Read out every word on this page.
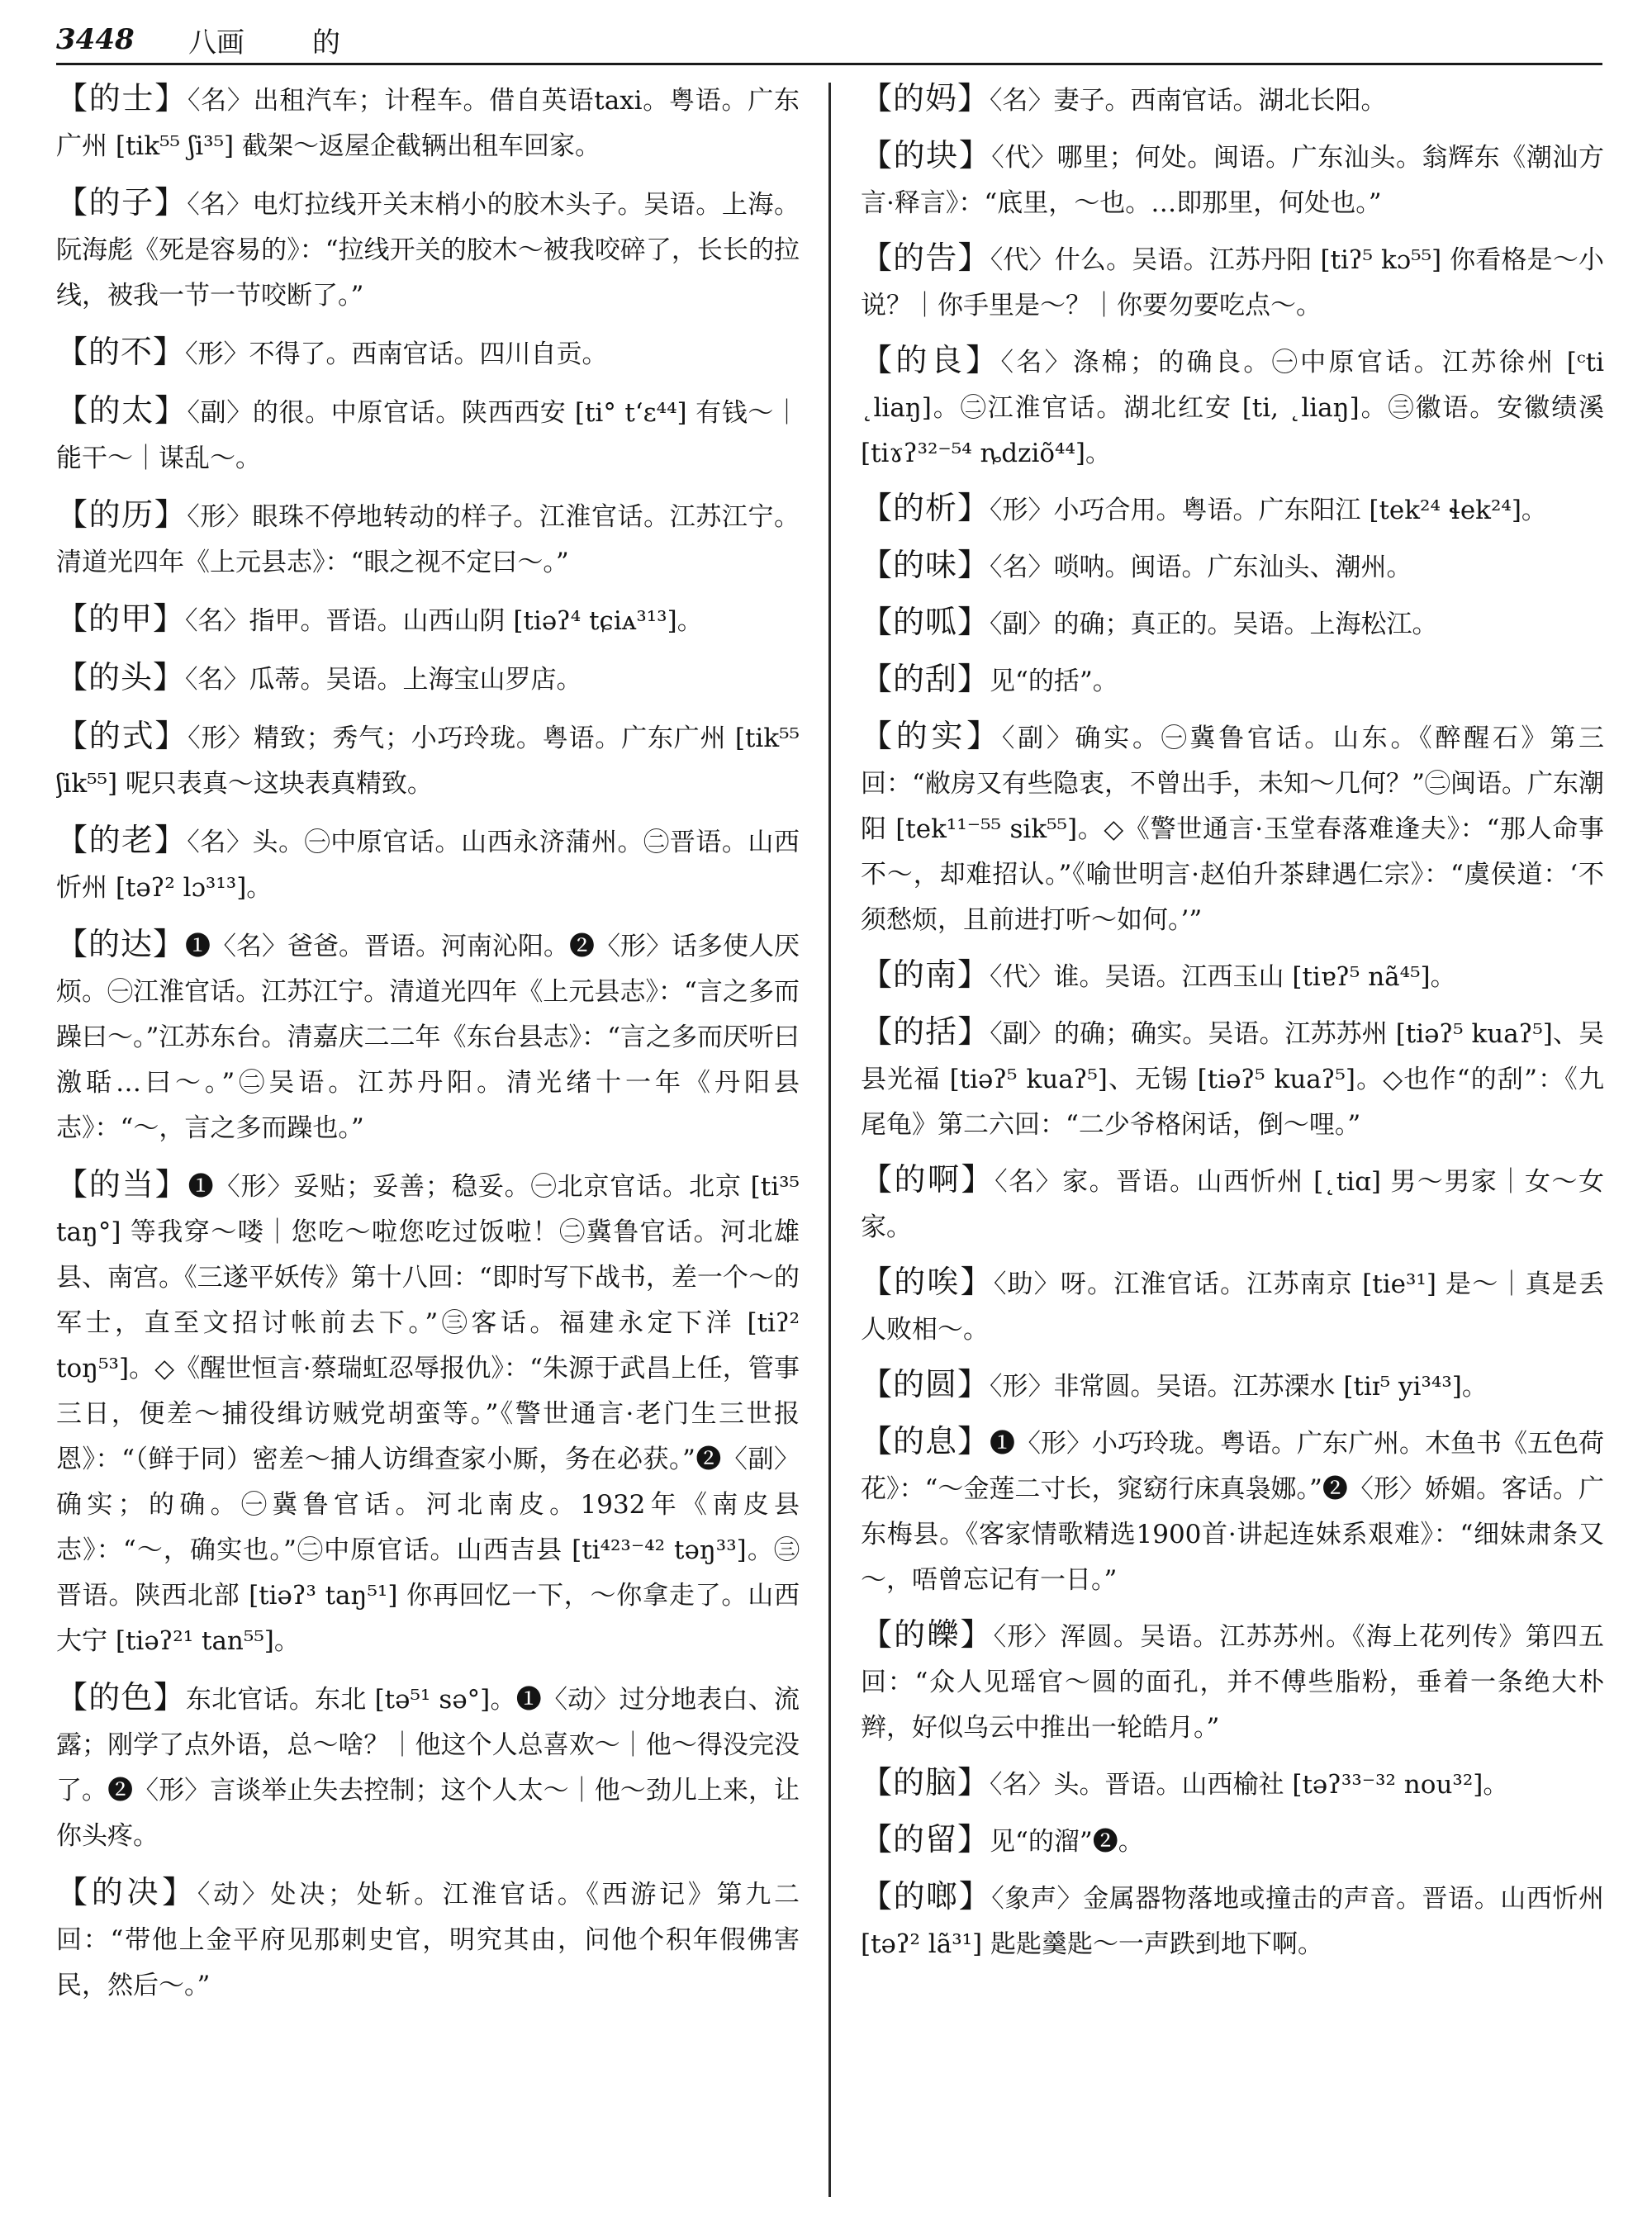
3448	八画	的
【的士】〈名〉出租汽车；计程车。借自英语taxi。粤语。广东广州 [tik⁵⁵ ʃi³⁵] 截架～返屋企截辆出租车回家。
【的子】〈名〉电灯拉线开关末梢小的胶木头子。吴语。上海。阮海彪《死是容易的》：“拉线开关的胶木～被我咬碎了，长长的拉线，被我一节一节咬断了。”
【的不】〈形〉不得了。西南官话。四川自贡。
【的太】〈副〉的很。中原官话。陕西西安 [ti° tʻɛ⁴⁴] 有钱～｜能干～｜谋乱～。
【的历】〈形〉眼珠不停地转动的样子。江淮官话。江苏江宁。清道光四年《上元县志》：“眼之视不定曰～。”
【的甲】〈名〉指甲。晋语。山西山阴 [tiəʔ⁴ tɕiᴀ³¹³]。
【的头】〈名〉瓜蒂。吴语。上海宝山罗店。
【的式】〈形〉精致；秀气；小巧玲珑。粤语。广东广州 [tik⁵⁵ ʃik⁵⁵] 呢只表真～这块表真精致。
【的老】〈名〉头。㊀中原官话。山西永济蒲州。㊁晋语。山西忻州 [təʔ² lɔ³¹³]。
【的达】❶〈名〉爸爸。晋语。河南沁阳。❷〈形〉话多使人厌烦。㊀江淮官话。江苏江宁。清道光四年《上元县志》：“言之多而躁曰～。”江苏东台。清嘉庆二二年《东台县志》：“言之多而厌听曰激聒…曰～。”㊁吴语。江苏丹阳。清光绪十一年《丹阳县志》：“～，言之多而躁也。”
【的当】❶〈形〉妥贴；妥善；稳妥。㊀北京官话。北京 [ti³⁵ taŋ°] 等我穿～喽｜您吃～啦您吃过饭啦！㊁冀鲁官话。河北雄县、南宫。《三遂平妖传》第十八回：“即时写下战书，差一个～的军士，直至文招讨帐前去下。”㊂客话。福建永定下洋 [tiʔ² toŋ⁵³]。◇《醒世恒言·蔡瑞虹忍辱报仇》：“朱源于武昌上任，管事三日，便差～捕役缉访贼党胡蛮等。”《警世通言·老门生三世报恩》：“（鲜于同）密差～捕人访缉查家小厮，务在必获。”❷〈副〉确实；的确。㊀冀鲁官话。河北南皮。1932年《南皮县志》：“～，确实也。”㊁中原官话。山西吉县 [ti⁴²³⁻⁴² təŋ³³]。㊂晋语。陕西北部 [tiəʔ³ taŋ⁵¹] 你再回忆一下，～你拿走了。山西大宁 [tiəʔ²¹ tan⁵⁵]。
【的色】东北官话。东北 [tə⁵¹ sə°]。❶〈动〉过分地表白、流露；刚学了点外语，总～啥？｜他这个人总喜欢～｜他～得没完没了。❷〈形〉言谈举止失去控制；这个人太～｜他～劲儿上来，让你头疼。
【的决】〈动〉处决；处斩。江淮官话。《西游记》第九二回：“带他上金平府见那刺史官，明究其由，问他个积年假佛害民，然后～。”
【的妈】〈名〉妻子。西南官话。湖北长阳。
【的块】〈代〉哪里；何处。闽语。广东汕头。翁辉东《潮汕方言·释言》：“底里，～也。…即那里，何处也。”
【的告】〈代〉什么。吴语。江苏丹阳 [tiʔ⁵ kɔ⁵⁵] 你看格是～小说？｜你手里是～？｜你要勿要吃点～。
【的良】〈名〉涤棉；的确良。㊀中原官话。江苏徐州 [ᶜti ˛liaŋ]。㊁江淮官话。湖北红安 [ti, ˛liaŋ]。㊂徽语。安徽绩溪 [tiɤʔ³²⁻⁵⁴ ȵdziõ⁴⁴]。
【的析】〈形〉小巧合用。粤语。广东阳江 [tek²⁴ ɬek²⁴]。
【的味】〈名〉唢呐。闽语。广东汕头、潮州。
【的呱】〈副〉的确；真正的。吴语。上海松江。
【的刮】见“的括”。
【的实】〈副〉确实。㊀冀鲁官话。山东。《醉醒石》第三回：“敝房又有些隐衷，不曾出手，未知～几何？”㊁闽语。广东潮阳 [tek¹¹⁻⁵⁵ sik⁵⁵]。◇《警世通言·玉堂春落难逢夫》：“那人命事不～，却难招认。”《喻世明言·赵伯升茶肆遇仁宗》：“虞侯道：‘不须愁烦，且前进打听～如何。’”
【的南】〈代〉谁。吴语。江西玉山 [tiɐʔ⁵ nã⁴⁵]。
【的括】〈副〉的确；确实。吴语。江苏苏州 [tiəʔ⁵ kuaʔ⁵]、吴县光福 [tiəʔ⁵ kuaʔ⁵]、无锡 [tiəʔ⁵ kuaʔ⁵]。◇也作“的刮”：《九尾龟》第二六回：“二少爷格闲话，倒～哩。”
【的啊】〈名〉家。晋语。山西忻州 [˛tiɑ] 男～男家｜女～女家。
【的唉】〈助〉呀。江淮官话。江苏南京 [tie³¹] 是～｜真是丢人败相～。
【的圆】〈形〉非常圆。吴语。江苏溧水 [tiɪ⁵ yi³⁴³]。
【的息】❶〈形〉小巧玲珑。粤语。广东广州。木鱼书《五色荷花》：“～金莲二寸长，窕窈行床真袅娜。”❷〈形〉娇媚。客话。广东梅县。《客家情歌精选1900首·讲起连妹系艰难》：“细妹肃条又～，唔曾忘记有一日。”
【的皪】〈形〉浑圆。吴语。江苏苏州。《海上花列传》第四五回：“众人见瑶官～圆的面孔，并不傅些脂粉，垂着一条绝大朴辫，好似乌云中推出一轮皓月。”
【的脑】〈名〉头。晋语。山西榆社 [təʔ³³⁻³² nou³²]。
【的留】见“的溜”❷。
【的啷】〈象声〉金属器物落地或撞击的声音。晋语。山西忻州 [təʔ² lã³¹] 匙匙羹匙～一声跌到地下啊。
